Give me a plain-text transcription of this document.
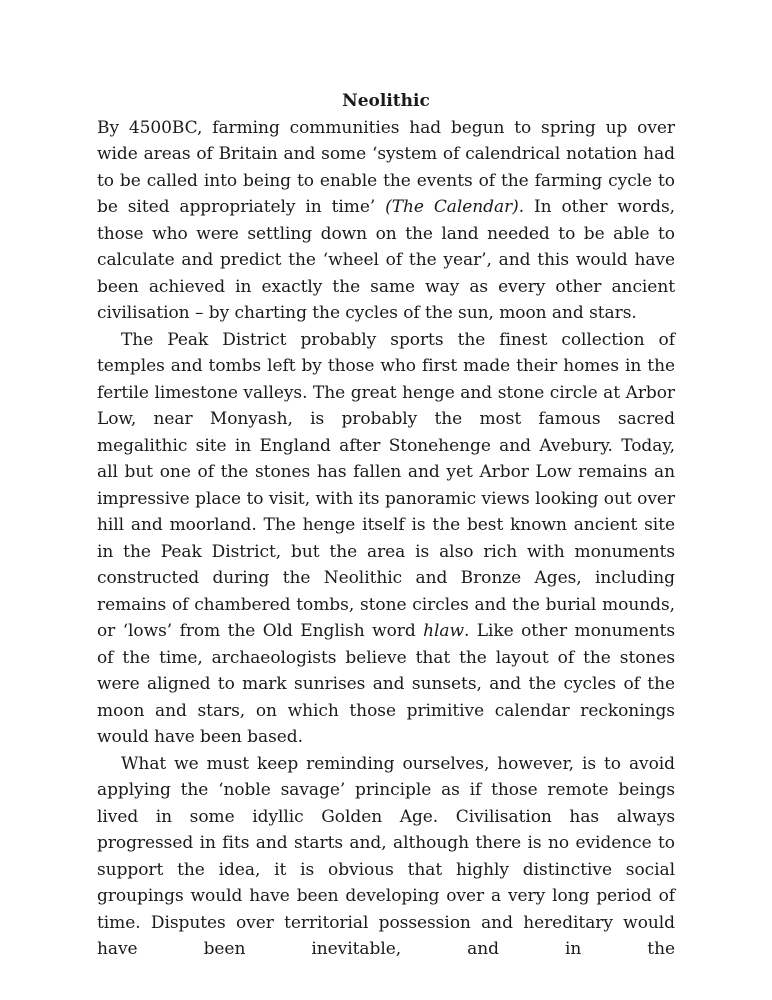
Neolithic

By 4500BC, farming communities had begun to spring up over wide areas of Britain and some ‘system of calendrical notation had to be called into being to enable the events of the farming cycle to be sited appropriately in time’ (The Calendar). In other words, those who were settling down on the land needed to be able to calculate and predict the ‘wheel of the year’, and this would have been achieved in exactly the same way as every other ancient civilisation – by charting the cycles of the sun, moon and stars.

The Peak District probably sports the finest collection of temples and tombs left by those who first made their homes in the fertile limestone valleys. The great henge and stone circle at Arbor Low, near Monyash, is probably the most famous sacred megalithic site in England after Stonehenge and Avebury. Today, all but one of the stones has fallen and yet Arbor Low remains an impressive place to visit, with its panoramic views looking out over hill and moorland. The henge itself is the best known ancient site in the Peak District, but the area is also rich with monuments constructed during the Neolithic and Bronze Ages, including remains of chambered tombs, stone circles and the burial mounds, or ‘lows’ from the Old English word hlaw. Like other monuments of the time, archaeologists believe that the layout of the stones were aligned to mark sunrises and sunsets, and the cycles of the moon and stars, on which those primitive calendar reckonings would have been based.

What we must keep reminding ourselves, however, is to avoid applying the ‘noble savage’ principle as if those remote beings lived in some idyllic Golden Age. Civilisation has always progressed in fits and starts and, although there is no evidence to support the idea, it is obvious that highly distinctive social groupings would have been developing over a very long period of time. Disputes over territorial possession and hereditary would have been inevitable, and in the
